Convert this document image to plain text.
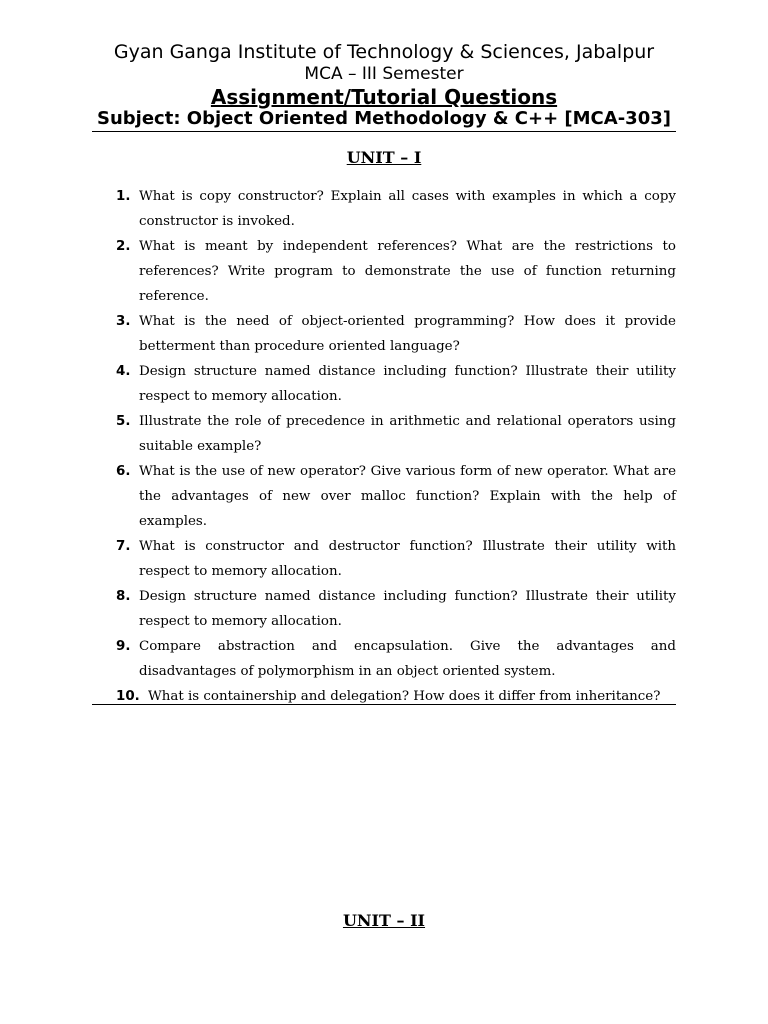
Gyan Ganga Institute of Technology & Sciences, Jabalpur
MCA – III Semester
Assignment/Tutorial Questions
Subject: Object Oriented Methodology & C++ [MCA-303]
UNIT – I
1. What is copy constructor? Explain all cases with examples in which a copy constructor is invoked.
2. What is meant by independent references? What are the restrictions to references? Write program to demonstrate the use of function returning reference.
3. What is the need of object-oriented programming? How does it provide betterment than procedure oriented language?
4. Design structure named distance including function? Illustrate their utility respect to memory allocation.
5. Illustrate the role of precedence in arithmetic and relational operators using suitable example?
6. What is the use of new operator? Give various form of new operator. What are the advantages of new over malloc function? Explain with the help of examples.
7. What is constructor and destructor function? Illustrate their utility with respect to memory allocation.
8. Design structure named distance including function? Illustrate their utility respect to memory allocation.
9. Compare abstraction and encapsulation. Give the advantages and disadvantages of polymorphism in an object oriented system.
10. What is containership and delegation? How does it differ from inheritance?
UNIT – II
